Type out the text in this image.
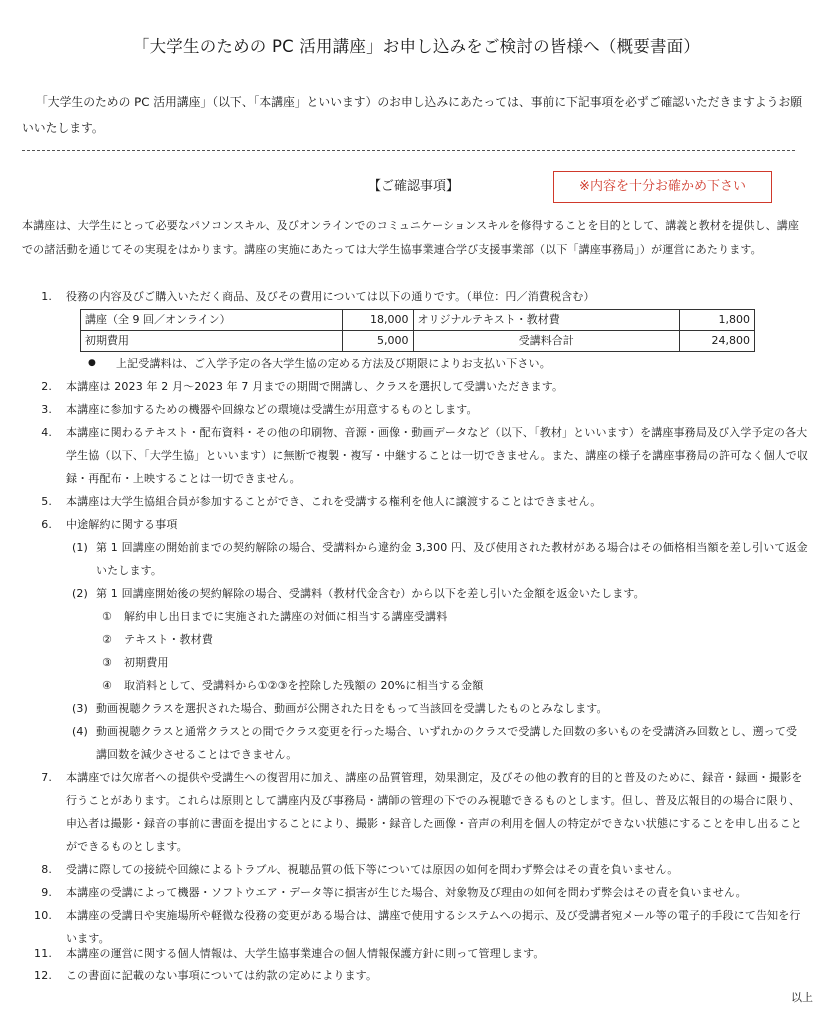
「大学生のための PC 活用講座」お申し込みをご検討の皆様へ（概要書面）
「大学生のための PC 活用講座」（以下、「本講座」といいます）のお申し込みにあたっては、事前に下記事項を必ずご確認いただきますようお願いいたします。
【ご確認事項】	※内容を十分お確かめ下さい
本講座は、大学生にとって必要なパソコンスキル、及びオンラインでのコミュニケーションスキルを修得することを目的として、講義と教材を提供し、講座での諸活動を通じてその実現をはかります。講座の実施にあたっては大学生協事業連合学び支援事業部（以下「講座事務局」）が運営にあたります。
1. 役務の内容及びご購入いただく商品、及びその費用については以下の通りです。（単位：円／消費税含む）
講座（全 9 回／オンライン）	18,000	オリジナルテキスト・教材費	1,800
初期費用	5,000	受講料合計	24,800
● 上記受講料は、ご入学予定の各大学生協の定める方法及び期限によりお支払い下さい。
2. 本講座は 2023 年 2 月～2023 年 7 月までの期間で開講し、クラスを選択して受講いただきます。
3. 本講座に参加するための機器や回線などの環境は受講生が用意するものとします。
4. 本講座に関わるテキスト・配布資料・その他の印刷物、音源・画像・動画データなど（以下、「教材」といいます）を講座事務局及び入学予定の各大学生協（以下、「大学生協」といいます）に無断で複製・複写・中継することは一切できません。また、講座の様子を講座事務局の許可なく個人で収録・再配布・上映することは一切できません。
5. 本講座は大学生協組合員が参加することができ、これを受講する権利を他人に譲渡することはできません。
6. 中途解約に関する事項
(1) 第 1 回講座の開始前までの契約解除の場合、受講料から違約金 3,300 円、及び使用された教材がある場合はその価格相当額を差し引いて返金いたします。
(2) 第 1 回講座開始後の契約解除の場合、受講料（教材代金含む）から以下を差し引いた金額を返金いたします。
① 解約申し出日までに実施された講座の対価に相当する講座受講料
② テキスト・教材費
③ 初期費用
④ 取消料として、受講料から①②③を控除した残額の 20%に相当する金額
(3) 動画視聴クラスを選択された場合、動画が公開された日をもって当該回を受講したものとみなします。
(4) 動画視聴クラスと通常クラスとの間でクラス変更を行った場合、いずれかのクラスで受講した回数の多いものを受講済み回数とし、遡って受講回数を減少させることはできません。
7. 本講座では欠席者への提供や受講生への復習用に加え、講座の品質管理，効果測定，及びその他の教育的目的と普及のために、録音・録画・撮影を行うことがあります。これらは原則として講座内及び事務局・講師の管理の下でのみ視聴できるものとします。但し、普及広報目的の場合に限り、申込者は撮影・録音の事前に書面を提出することにより、撮影・録音した画像・音声の利用を個人の特定ができない状態にすることを申し出ることができるものとします。
8. 受講に際しての接続や回線によるトラブル、視聴品質の低下等については原因の如何を問わず弊会はその責を負いません。
9. 本講座の受講によって機器・ソフトウエア・データ等に損害が生じた場合、対象物及び理由の如何を問わず弊会はその責を負いません。
10. 本講座の受講日や実施場所や軽微な役務の変更がある場合は、講座で使用するシステムへの掲示、及び受講者宛メール等の電子的手段にて告知を行います。
11. 本講座の運営に関する個人情報は、大学生協事業連合の個人情報保護方針に則って管理します。
12. この書面に記載のない事項については約款の定めによります。
以上
